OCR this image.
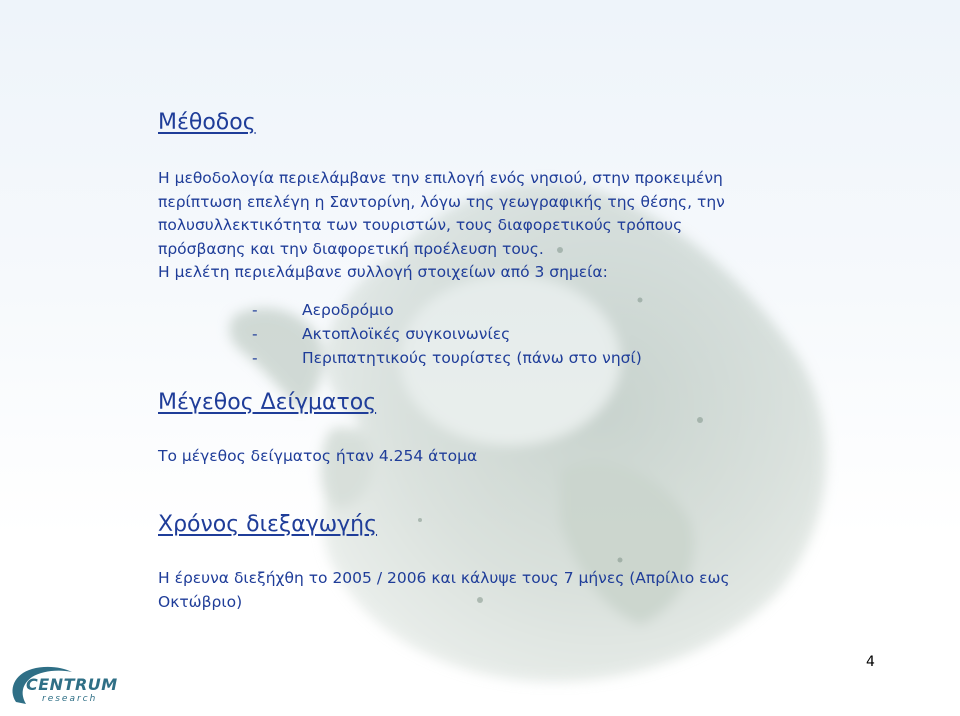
Μέθοδος
Η μεθοδολογία περιελάμβανε την επιλογή ενός νησιού, στην προκειμένη
περίπτωση επελέγη η Σαντορίνη, λόγω της γεωγραφικής της θέσης, την
πολυσυλλεκτικότητα των τουριστών, τους διαφορετικούς τρόπους
πρόσβασης και την διαφορετική προέλευση τους.
Η μελέτη περιελάμβανε συλλογή στοιχείων από 3 σημεία:
-	Αεροδρόμιο
-	Ακτοπλοϊκές συγκοινωνίες
-	Περιπατητικούς τουρίστες (πάνω στο νησί)
Μέγεθος Δείγματος
Το μέγεθος δείγματος ήταν 4.254 άτομα
Χρόνος διεξαγωγής
Η έρευνα διεξήχθη το 2005 / 2006 και κάλυψε τους 7 μήνες (Απρίλιο εως
Οκτώβριο)
4
CENTRUM
research
